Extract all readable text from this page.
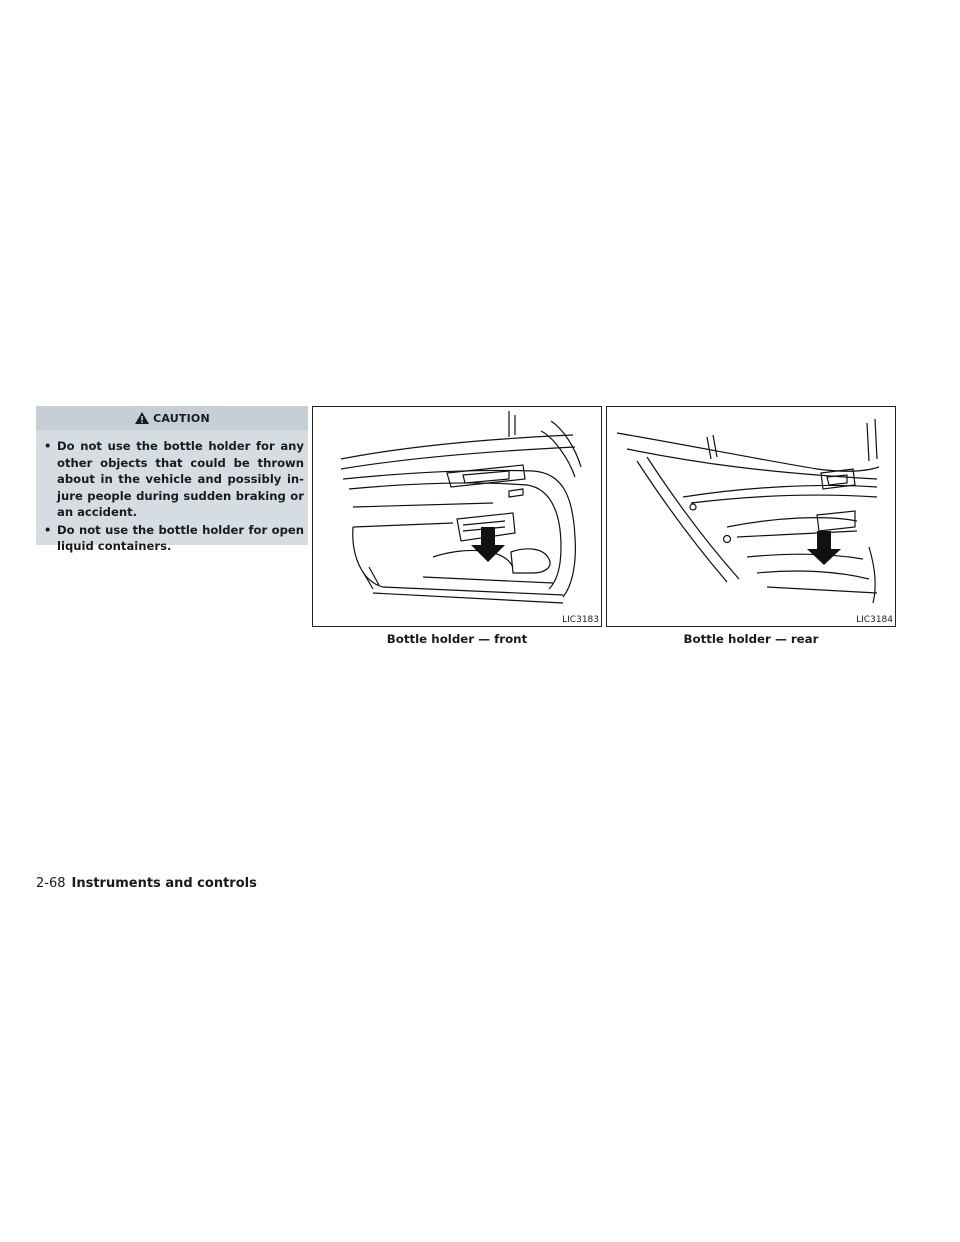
CAUTION
• Do not use the bottle holder for any other objects that could be thrown about in the vehicle and possibly in-jure people during sudden braking or an accident.
• Do not use the bottle holder for open liquid containers.
LIC3183
Bottle holder — front
LIC3184
Bottle holder — rear
2-68 Instruments and controls
